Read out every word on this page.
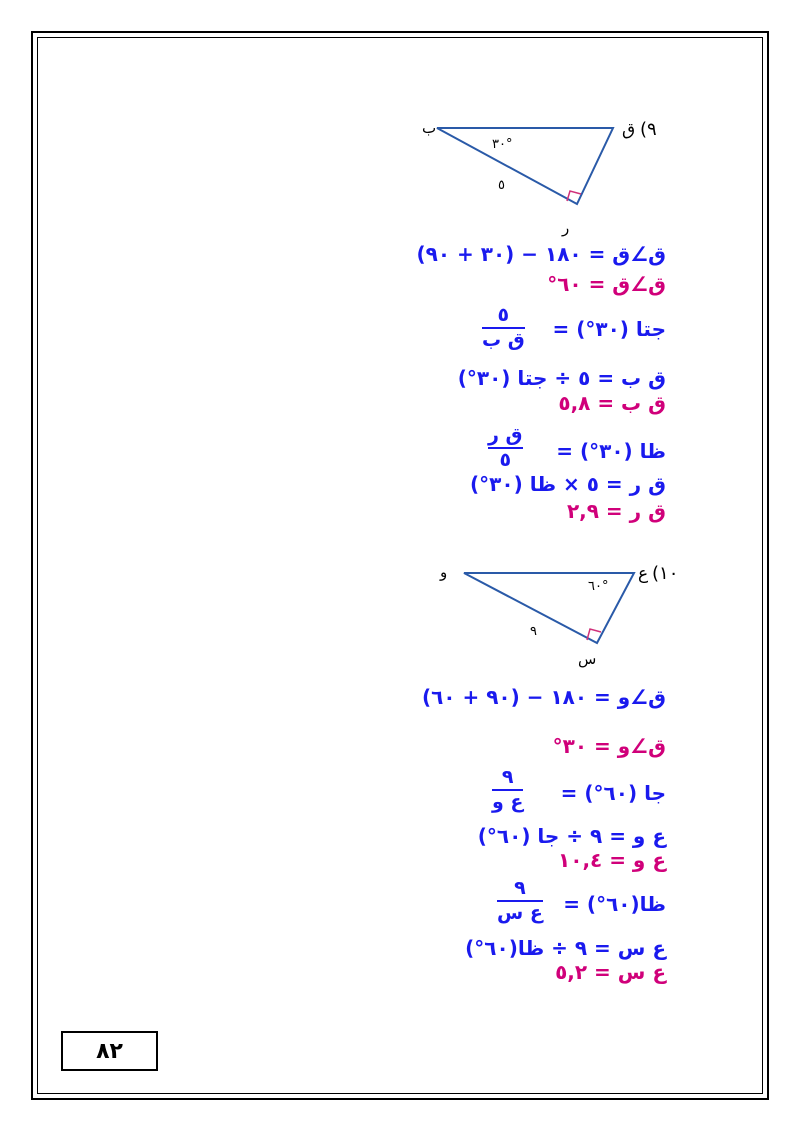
ب	ق (٩
٣٠°
٥
ر
ق∠ق = ١٨٠ − (٣٠ + ٩٠)
ق∠ق = ٦٠°
جتا (٣٠°) =
٥
ق ب
ق ب = ٥ ÷ جتا (٣٠°)
ق ب = ٥,٨
ظا (٣٠°) =
ق ر
٥
ق ر = ٥ × ظا (٣٠°)
ق ر = ٢,٩
و	ع (١٠
٦٠°
٩
س
ق∠و = ١٨٠ − (٩٠ + ٦٠)
ق∠و = ٣٠°
جا (٦٠°) =
٩
ع و
ع و = ٩ ÷ جا (٦٠°)
ع و = ١٠,٤
ظا(٦٠°) =
٩
ع س
ع س = ٩ ÷ ظا(٦٠°)
ع س = ٥,٢
٨٢
